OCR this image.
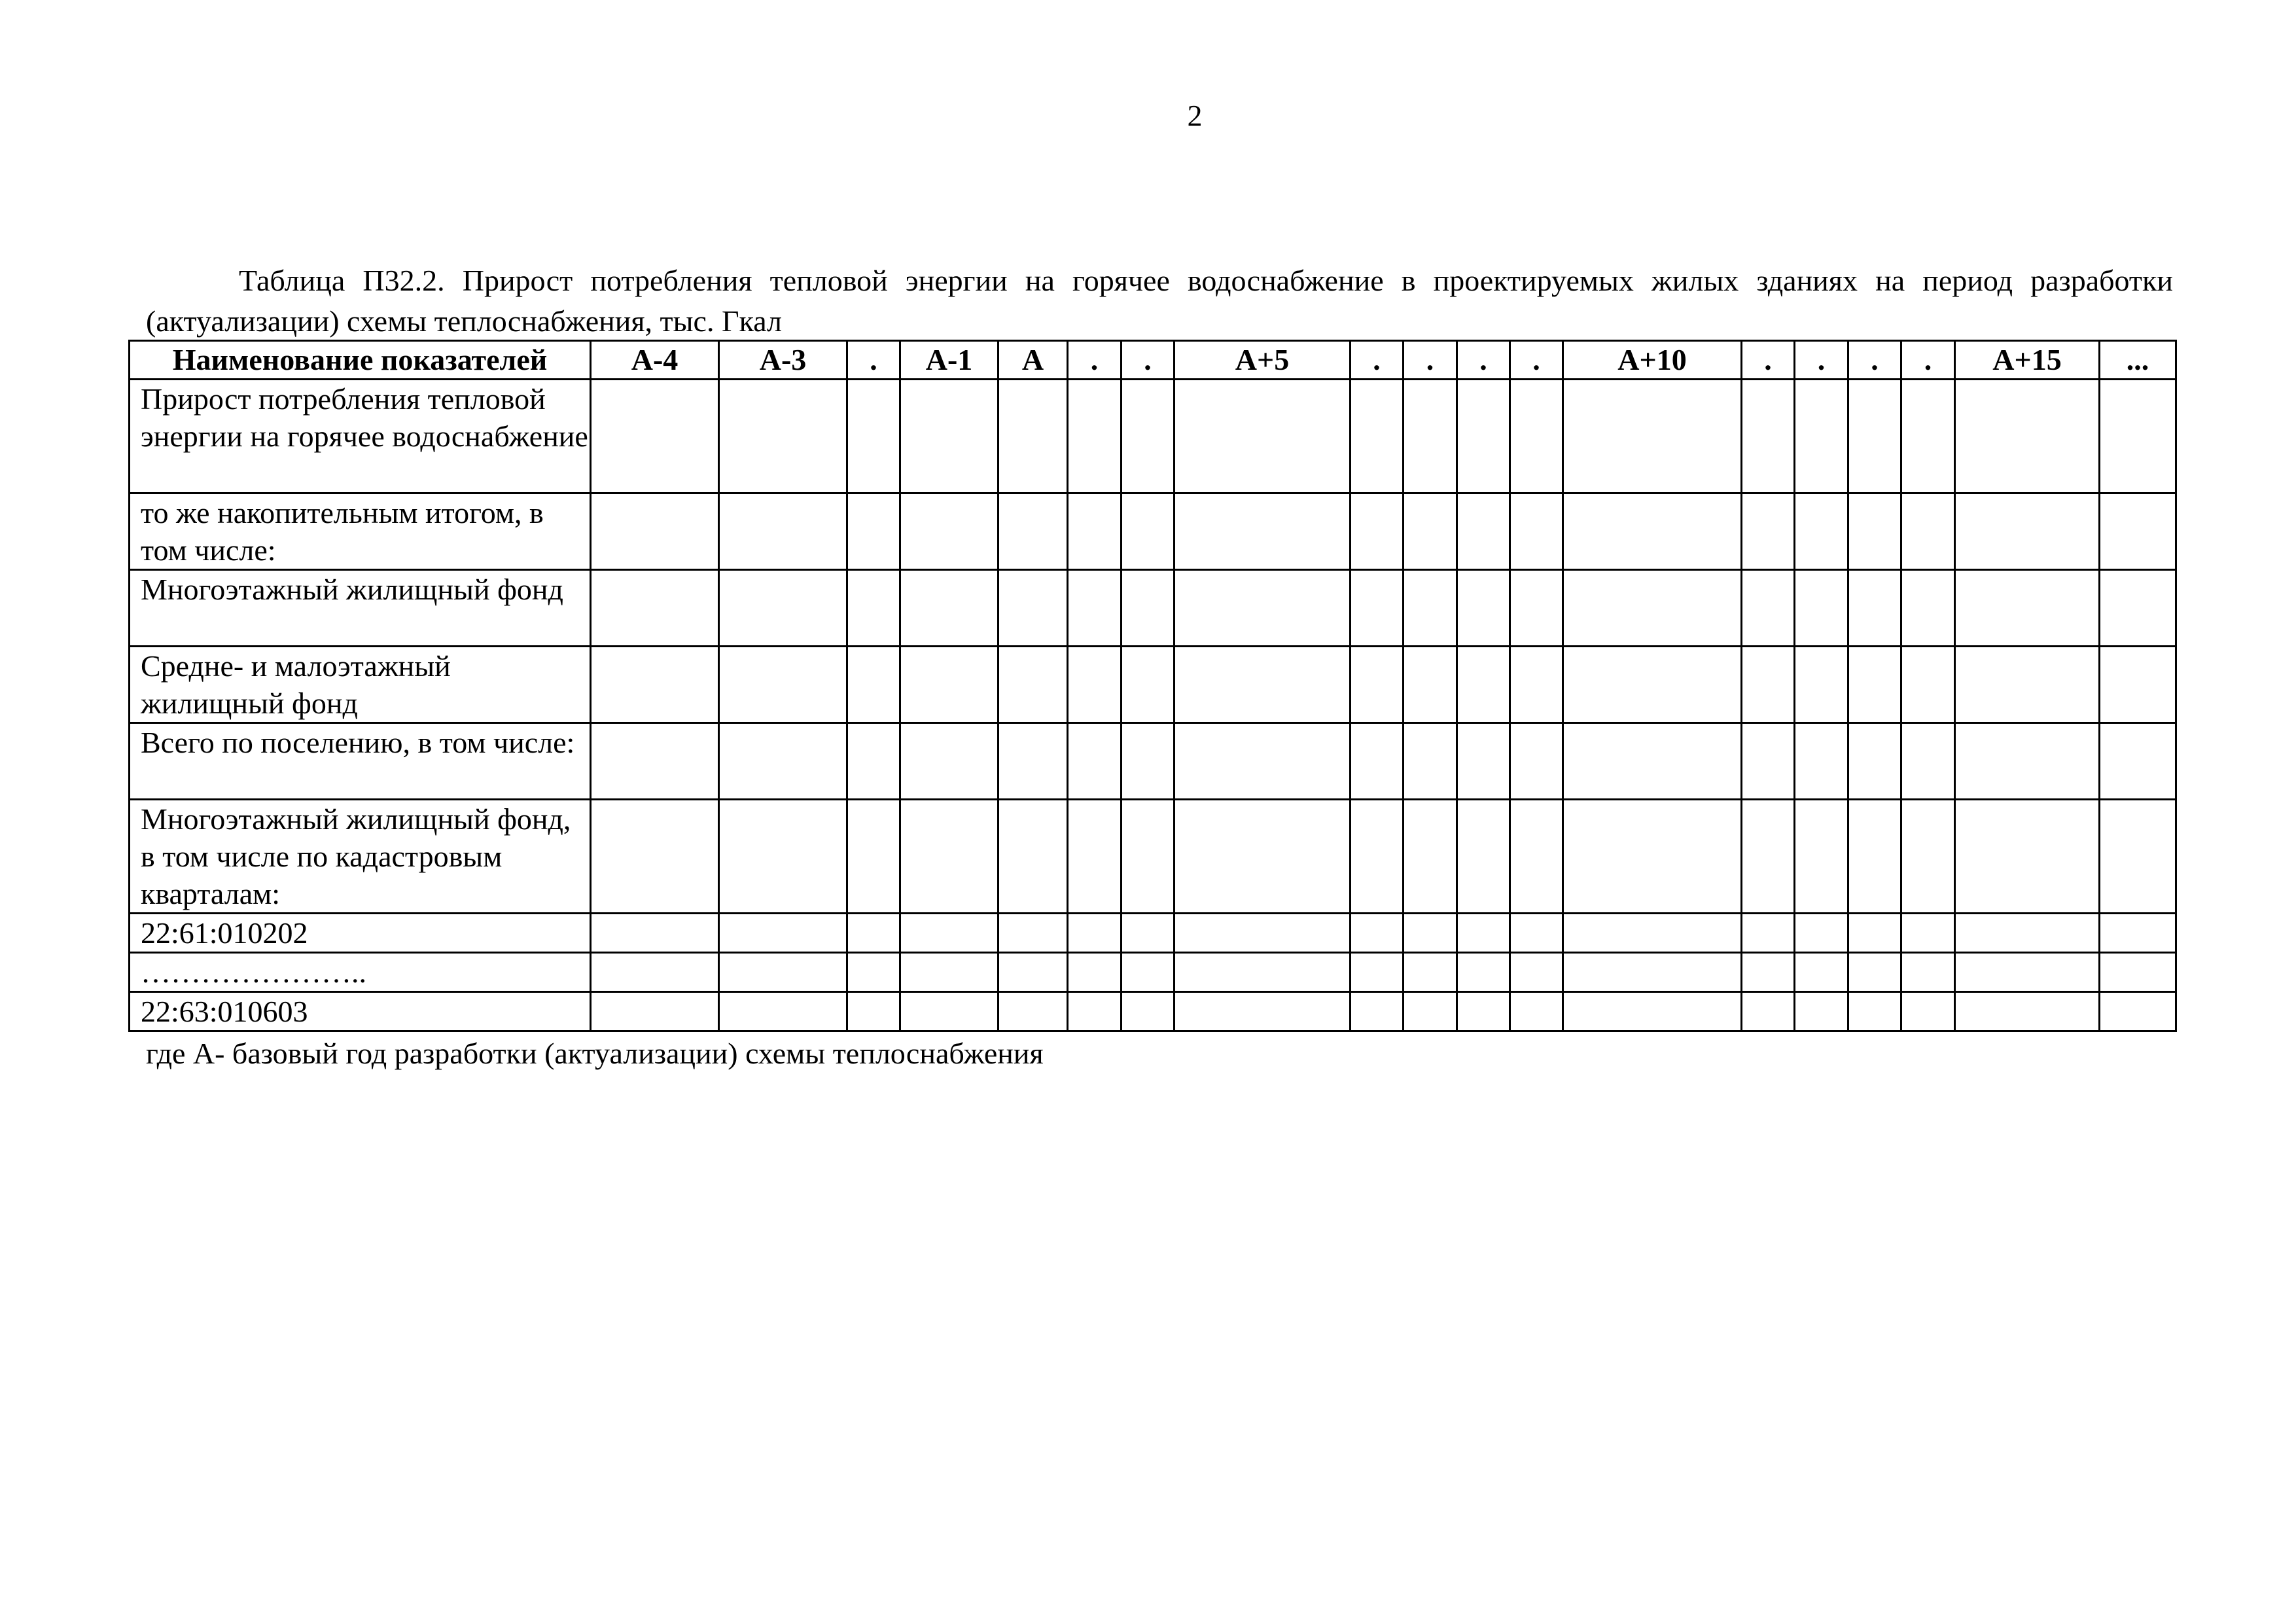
2
Таблица П32.2. Прирост потребления тепловой энергии на горячее водоснабжение в проектируемых жилых зданиях на период разработки (актуализации) схемы теплоснабжения, тыс. Гкал
Наименование показателей	А-4	А-3	.	А-1	А	.	.	А+5	.	.	.	.	А+10	.	.	.	.	А+15	...
Прирост потребления тепловой энергии на горячее водоснабжение																			
то же накопительным итогом, в том числе:																			
Многоэтажный жилищный фонд																			
Средне- и малоэтажный жилищный фонд																			
Всего по поселению, в том числе:																			
Многоэтажный жилищный фонд, в том числе по кадастровым кварталам:																			
22:61:010202																			
…………………..																			
22:63:010603																			
где А- базовый год разработки (актуализации) схемы теплоснабжения
